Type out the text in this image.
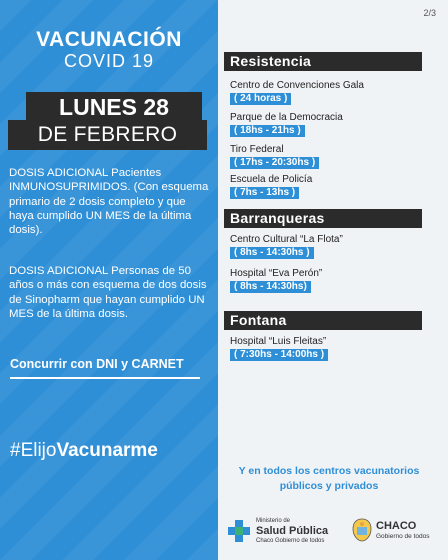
VACUNACIÓN
COVID 19
LUNES 28
DE FEBRERO
DOSIS ADICIONAL Pacientes INMUNOSUPRIMIDOS. (Con esquema primario de 2 dosis completo y que haya cumplido UN MES de la última dosis).
DOSIS ADICIONAL Personas de 50 años o más con esquema de dos dosis de Sinopharm que hayan cumplido UN MES de la última dosis.
Concurrir con DNI y CARNET
#ElijoVacunarme
2/3
Resistencia
Centro de Convenciones Gala
( 24 horas )
Parque de la Democracia
( 18hs - 21hs )
Tiro Federal
( 17hs - 20:30hs )
Escuela de Policía
( 7hs - 13hs )
Barranqueras
Centro Cultural “La Flota”
( 8hs - 14:30hs )
Hospital “Eva Perón”
( 8hs - 14:30hs)
Fontana
Hospital “Luis Fleitas”
( 7:30hs - 14:00hs )
Y en todos los centros vacunatorios
públicos y privados
Ministerio de
Salud Pública
Chaco Gobierno de todos
CHACO
Gobierno de todos
